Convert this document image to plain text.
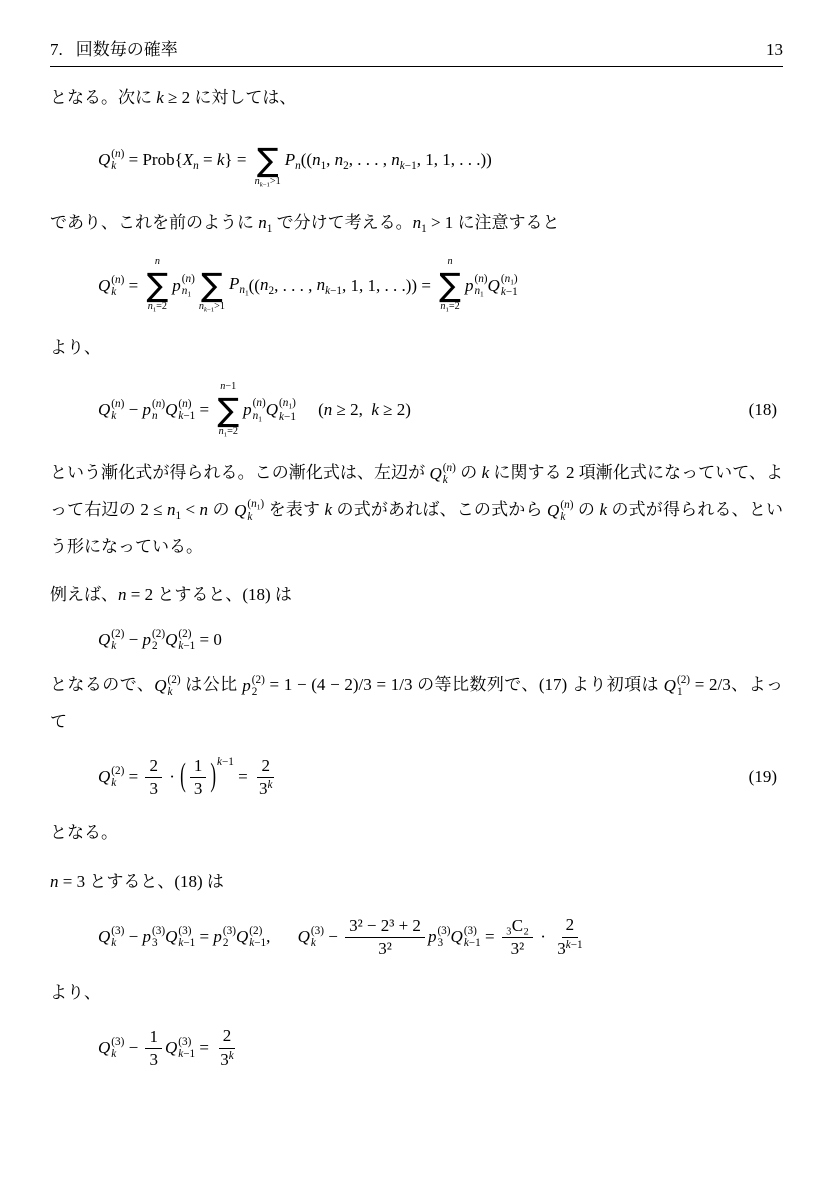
7. 回数毎の確率	13
となる。次に k ≥ 2 に対しては、
Q (n)
k = Prob{ $X_n = k$ } = ∑
$n_{k-1}>1$
$P_n$ (( $n_1$ , $n_2$ , . . . , $n_{k-1}$ , 1, 1, . . .))
であり、これを前のように $n_1$ で分けて考える。$n_1 > 1$ に注意すると
Q (n)
k =
n
∑
$n_1=2$
p (n)
$n_1$ ∑
$n_{k-1}>1$
$P_{n_1}$ (( $n_2$ , . . . , $n_{k-1}$ , 1, 1, . . .)) =
n
∑
$n_1=2$
p (n)
$n_1$ Q $(n_1)$
k−1
より、
Q (n)
k − p (n)
n Q (n)
k−1 =
n−1
∑
$n_1=2$
p (n)
$n_1$ Q $(n_1)$
k−1 ( n ≥ 2, k ≥ 2)	(18)
という漸化式が得られる。この漸化式は、左辺が Q (n)
k の k に関する 2 項漸化式になっていて、よって右辺の $2 \le n_1 < n$ の Q $(n_1)$
k を表す k の式があれば、この式から Q (n)
k の k の式が得られる、という形になっている。
例えば、n = 2 とすると、(18) は
Q (2)
k − p (2)
2 Q (2)
k−1 = 0
となるので、 Q (2)
k は公比 p (2)
2 = 1 − (4 − 2)/3 = 1/3 の等比数列で、(17) より初項は Q (2)
1 = 2/3、よって
Q (2)
$k = \frac{2}{3}$ · ( $\frac{1}{3} )^{k-1}$
= $\frac{2}{3^k}$	(19)
となる。
n = 3 とすると、(18) は
Q (3)
k − p (3)
3 Q (3)
k−1 = p (3)
2 Q (2)
k−1 , Q (3)
$k - \frac{\text{3² − 2³ + 2}}{\text{3²}}$ p (3)
3 Q (3)
$k-1 = \frac{\text{₃C₂}}{\text{3²}} \cdot \frac{2}{3^{k-1}}$
より、
Q (3)
$k - \frac{1}{3}$ Q (3)
$k-1 = \frac{2}{3^k}$
